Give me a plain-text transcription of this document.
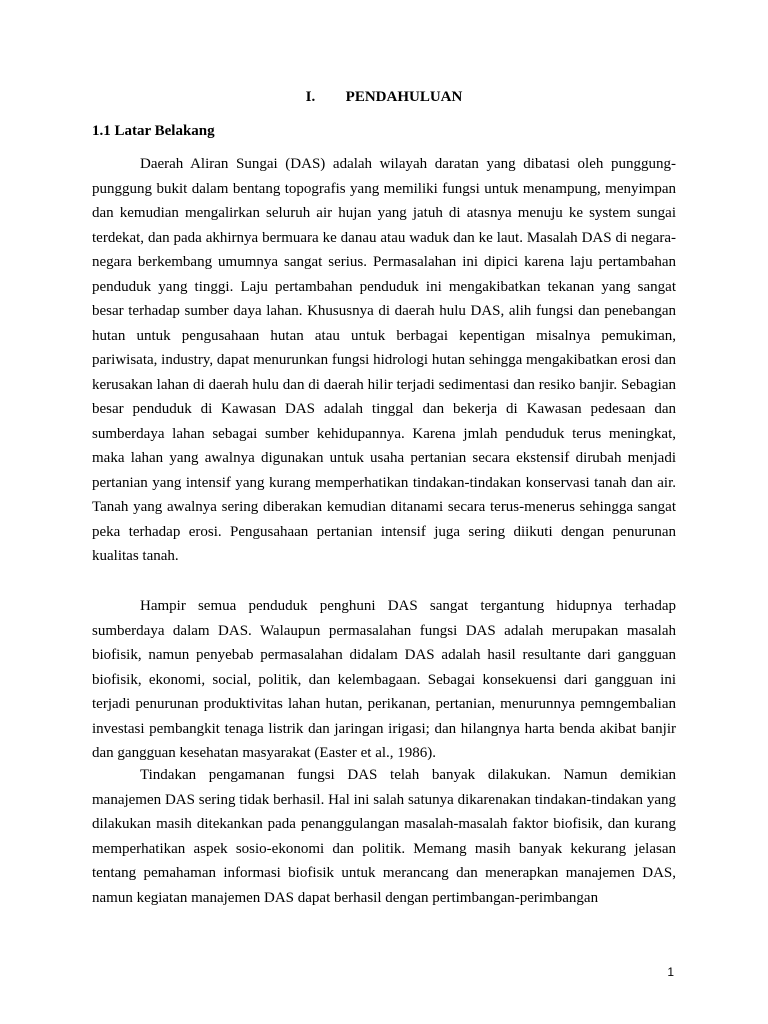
I. PENDAHULUAN
1.1 Latar Belakang

Daerah Aliran Sungai (DAS) adalah wilayah daratan yang dibatasi oleh punggung-punggung bukit dalam bentang topografis yang memiliki fungsi untuk menampung, menyimpan dan kemudian mengalirkan seluruh air hujan yang jatuh di atasnya menuju ke system sungai terdekat, dan pada akhirnya bermuara ke danau atau waduk dan ke laut. Masalah DAS di negara-negara berkembang umumnya sangat serius. Permasalahan ini dipici karena laju pertambahan penduduk yang tinggi. Laju pertambahan penduduk ini mengakibatkan tekanan yang sangat besar terhadap sumber daya lahan. Khususnya di daerah hulu DAS, alih fungsi dan penebangan hutan untuk pengusahaan hutan atau untuk berbagai kepentigan misalnya pemukiman, pariwisata, industry, dapat menurunkan fungsi hidrologi hutan sehingga mengakibatkan erosi dan kerusakan lahan di daerah hulu dan di daerah hilir terjadi sedimentasi dan resiko banjir. Sebagian besar penduduk di Kawasan DAS adalah tinggal dan bekerja di Kawasan pedesaan dan sumberdaya lahan sebagai sumber kehidupannya. Karena jmlah penduduk terus meningkat, maka lahan yang awalnya digunakan untuk usaha pertanian secara ekstensif dirubah menjadi pertanian yang intensif yang kurang memperhatikan tindakan-tindakan konservasi tanah dan air. Tanah yang awalnya sering diberakan kemudian ditanami secara terus-menerus sehingga sangat peka terhadap erosi. Pengusahaan pertanian intensif juga sering diikuti dengan penurunan kualitas tanah.

Hampir semua penduduk penghuni DAS sangat tergantung hidupnya terhadap sumberdaya dalam DAS. Walaupun permasalahan fungsi DAS adalah merupakan masalah biofisik, namun penyebab permasalahan didalam DAS adalah hasil resultante dari gangguan biofisik, ekonomi, social, politik, dan kelembagaan. Sebagai konsekuensi dari gangguan ini terjadi penurunan produktivitas lahan hutan, perikanan, pertanian, menurunnya pemngembalian investasi pembangkit tenaga listrik dan jaringan irigasi; dan hilangnya harta benda akibat banjir dan gangguan kesehatan masyarakat (Easter et al., 1986).

Tindakan pengamanan fungsi DAS telah banyak dilakukan. Namun demikian manajemen DAS sering tidak berhasil. Hal ini salah satunya dikarenakan tindakan-tindakan yang dilakukan masih ditekankan pada penanggulangan masalah-masalah faktor biofisik, dan kurang memperhatikan aspek sosio-ekonomi dan politik. Memang masih banyak kekurang jelasan tentang pemahaman informasi biofisik untuk merancang dan menerapkan manajemen DAS, namun kegiatan manajemen DAS dapat berhasil dengan pertimbangan-perimbangan

1
